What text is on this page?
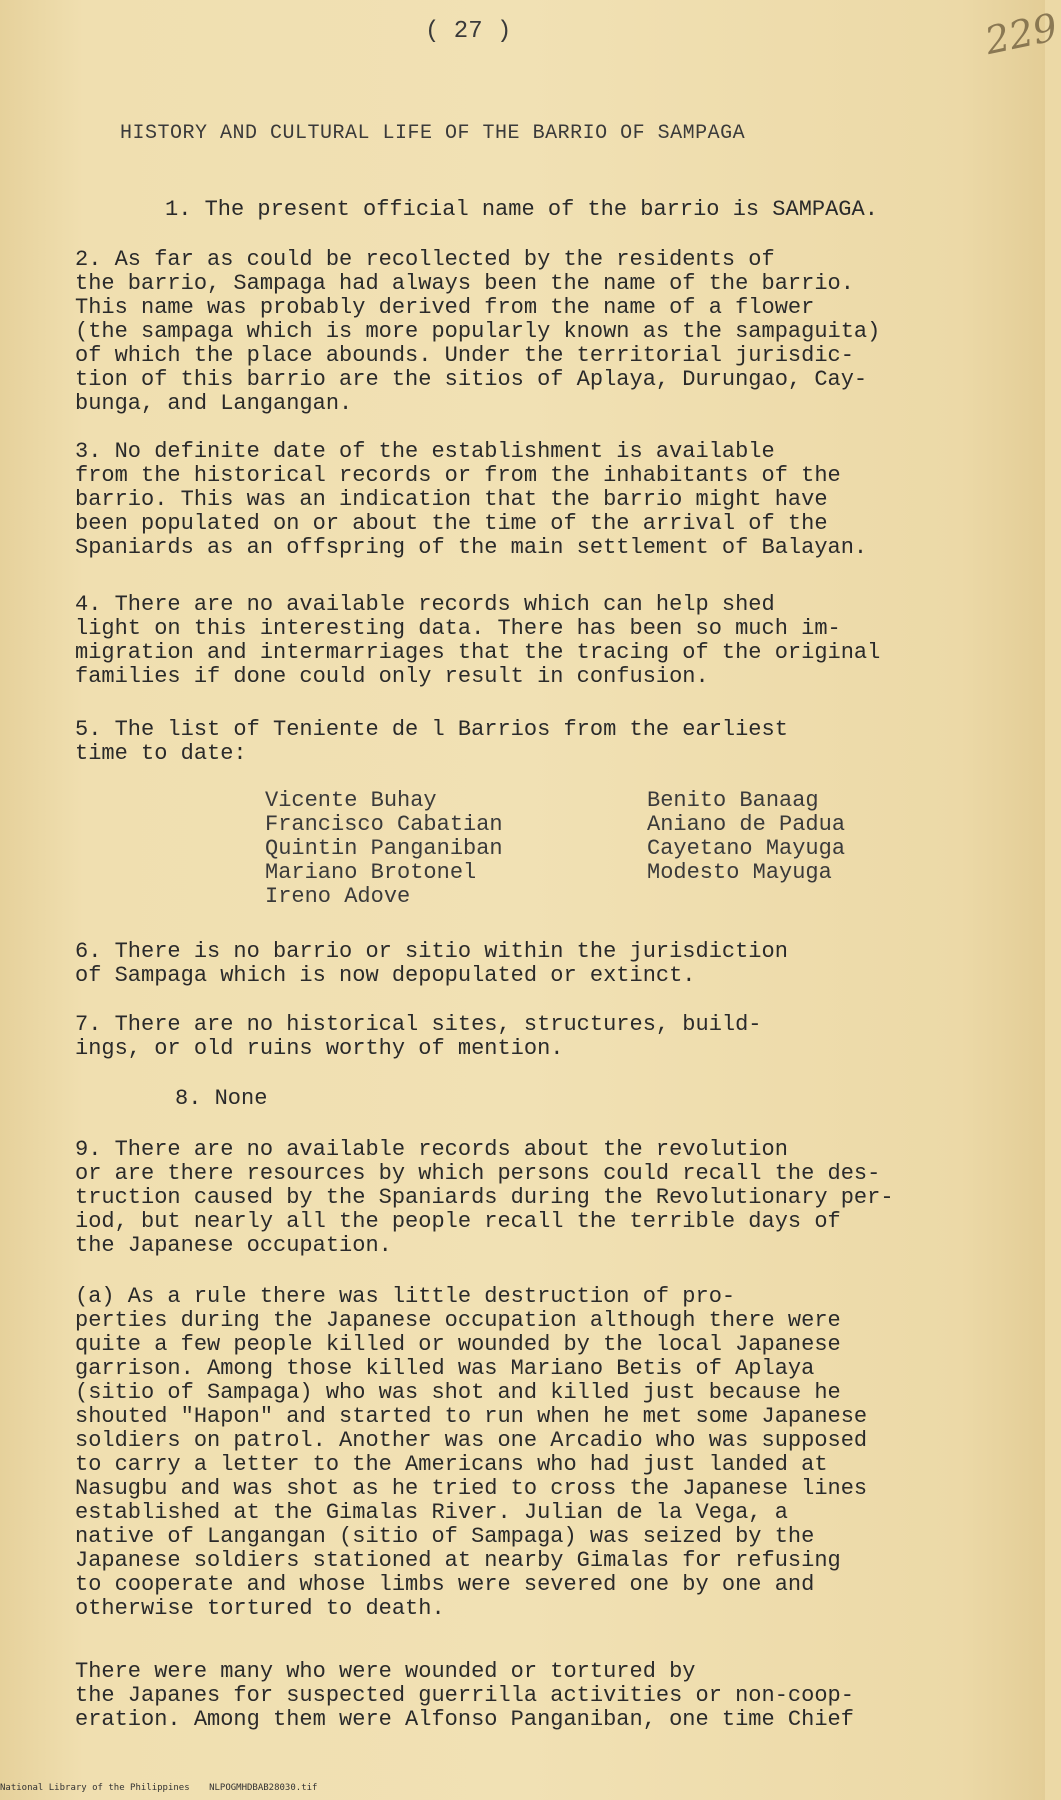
( 27 )	229
HISTORY AND CULTURAL LIFE OF THE BARRIO OF SAMPAGA
1. The present official name of the barrio is SAMPAGA.
2. As far as could be recollected by the residents of
the barrio, Sampaga had always been the name of the barrio.
This name was probably derived from the name of a flower
(the sampaga which is more popularly known as the sampaguita)
of which the place abounds. Under the territorial jurisdic-
tion of this barrio are the sitios of Aplaya, Durungao, Cay-
bunga, and Langangan.
3. No definite date of the establishment is available
from the historical records or from the inhabitants of the
barrio. This was an indication that the barrio might have
been populated on or about the time of the arrival of the
Spaniards as an offspring of the main settlement of Balayan.
4. There are no available records which can help shed
light on this interesting data. There has been so much im-
migration and intermarriages that the tracing of the original
families if done could only result in confusion.
5. The list of Teniente de l Barrios from the earliest
time to date:
Vicente Buhay
Francisco Cabatian
Quintin Panganiban
Mariano Brotonel
Ireno Adove
Benito Banaag
Aniano de Padua
Cayetano Mayuga
Modesto Mayuga
6. There is no barrio or sitio within the jurisdiction
of Sampaga which is now depopulated or extinct.
7. There are no historical sites, structures, build-
ings, or old ruins worthy of mention.
8. None
9. There are no available records about the revolution
or are there resources by which persons could recall the des-
truction caused by the Spaniards during the Revolutionary per-
iod, but nearly all the people recall the terrible days of
the Japanese occupation.
(a) As a rule there was little destruction of pro-
perties during the Japanese occupation although there were
quite a few people killed or wounded by the local Japanese
garrison. Among those killed was Mariano Betis of Aplaya
(sitio of Sampaga) who was shot and killed just because he
shouted "Hapon" and started to run when he met some Japanese
soldiers on patrol. Another was one Arcadio who was supposed
to carry a letter to the Americans who had just landed at
Nasugbu and was shot as he tried to cross the Japanese lines
established at the Gimalas River. Julian de la Vega, a
native of Langangan (sitio of Sampaga) was seized by the
Japanese soldiers stationed at nearby Gimalas for refusing
to cooperate and whose limbs were severed one by one and
otherwise tortured to death.
There were many who were wounded or tortured by
the Japanes for suspected guerrilla activities or non-coop-
eration. Among them were Alfonso Panganiban, one time Chief
National Library of the Philippines NLPOGMHDBAB28030.tif
